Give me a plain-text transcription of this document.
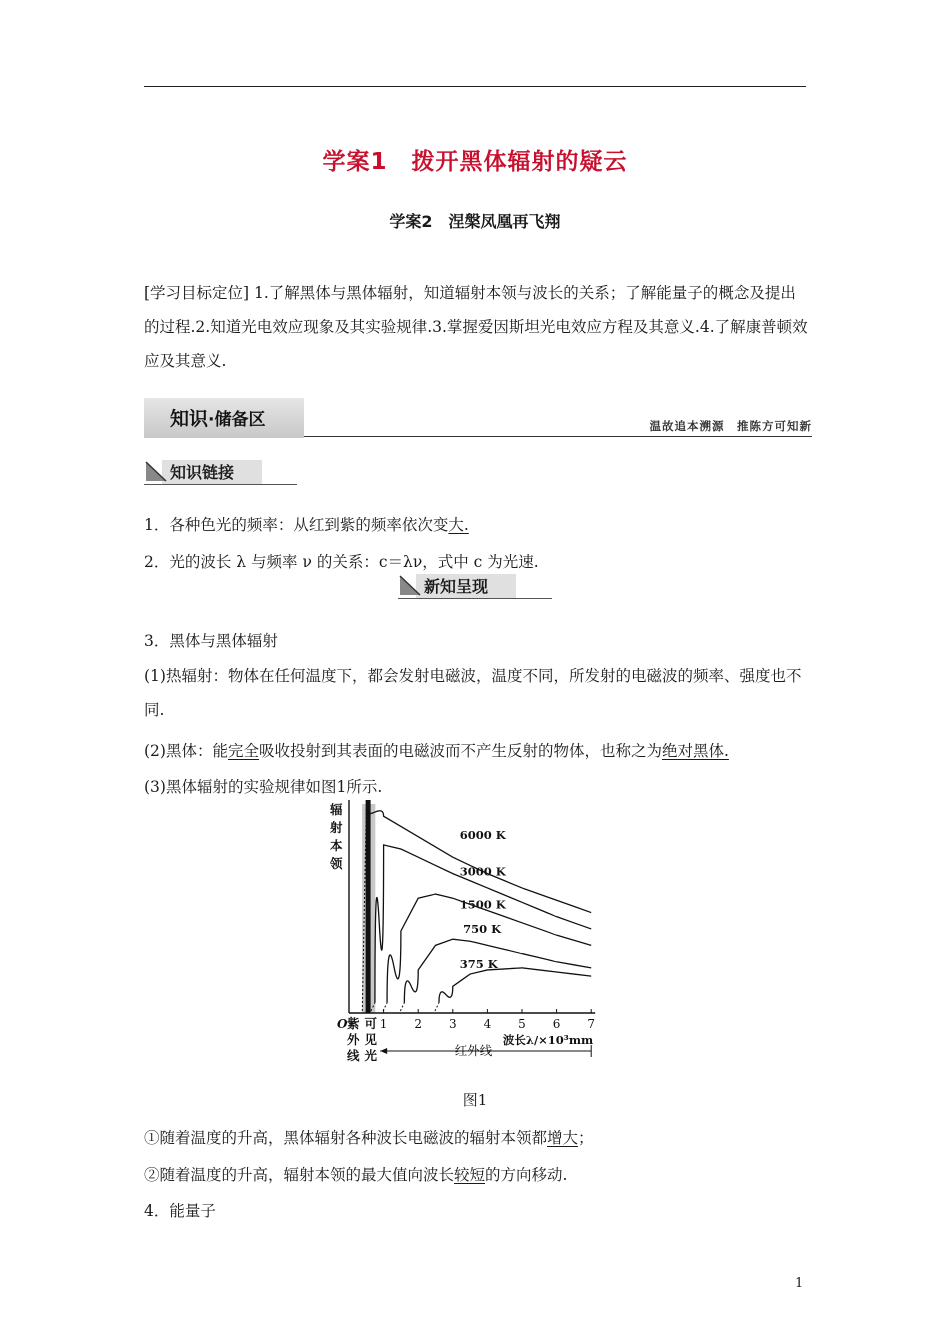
学案1　拨开黑体辐射的疑云
学案2　涅槃凤凰再飞翔
[学习目标定位] 1.了解黑体与黑体辐射，知道辐射本领与波长的关系；了解能量子的概念及提出的过程.2.知道光电效应现象及其实验规律.3.掌握爱因斯坦光电效应方程及其意义.4.了解康普顿效应及其意义.
知识·储备区	温故追本溯源　推陈方可知新
知识链接
1．各种色光的频率：从红到紫的频率依次变大.
2．光的波长 λ 与频率 ν 的关系：c＝λν，式中 c 为光速.
新知呈现
3．黑体与黑体辐射
(1)热辐射：物体在任何温度下，都会发射电磁波，温度不同，所发射的电磁波的频率、强度也不同.
(2)黑体：能完全吸收投射到其表面的电磁波而不产生反射的物体，也称之为绝对黑体.
(3)黑体辐射的实验规律如图1所示.
1 2 3 4 5 6 7
O
6000 K
3000 K
1500 K
750 K
375 K
辐
射
本
领
紫
外
线
可
见
光	红外线
波长λ/×10³mm
图1
①随着温度的升高，黑体辐射各种波长电磁波的辐射本领都增大；
②随着温度的升高，辐射本领的最大值向波长较短的方向移动.
4．能量子
1
